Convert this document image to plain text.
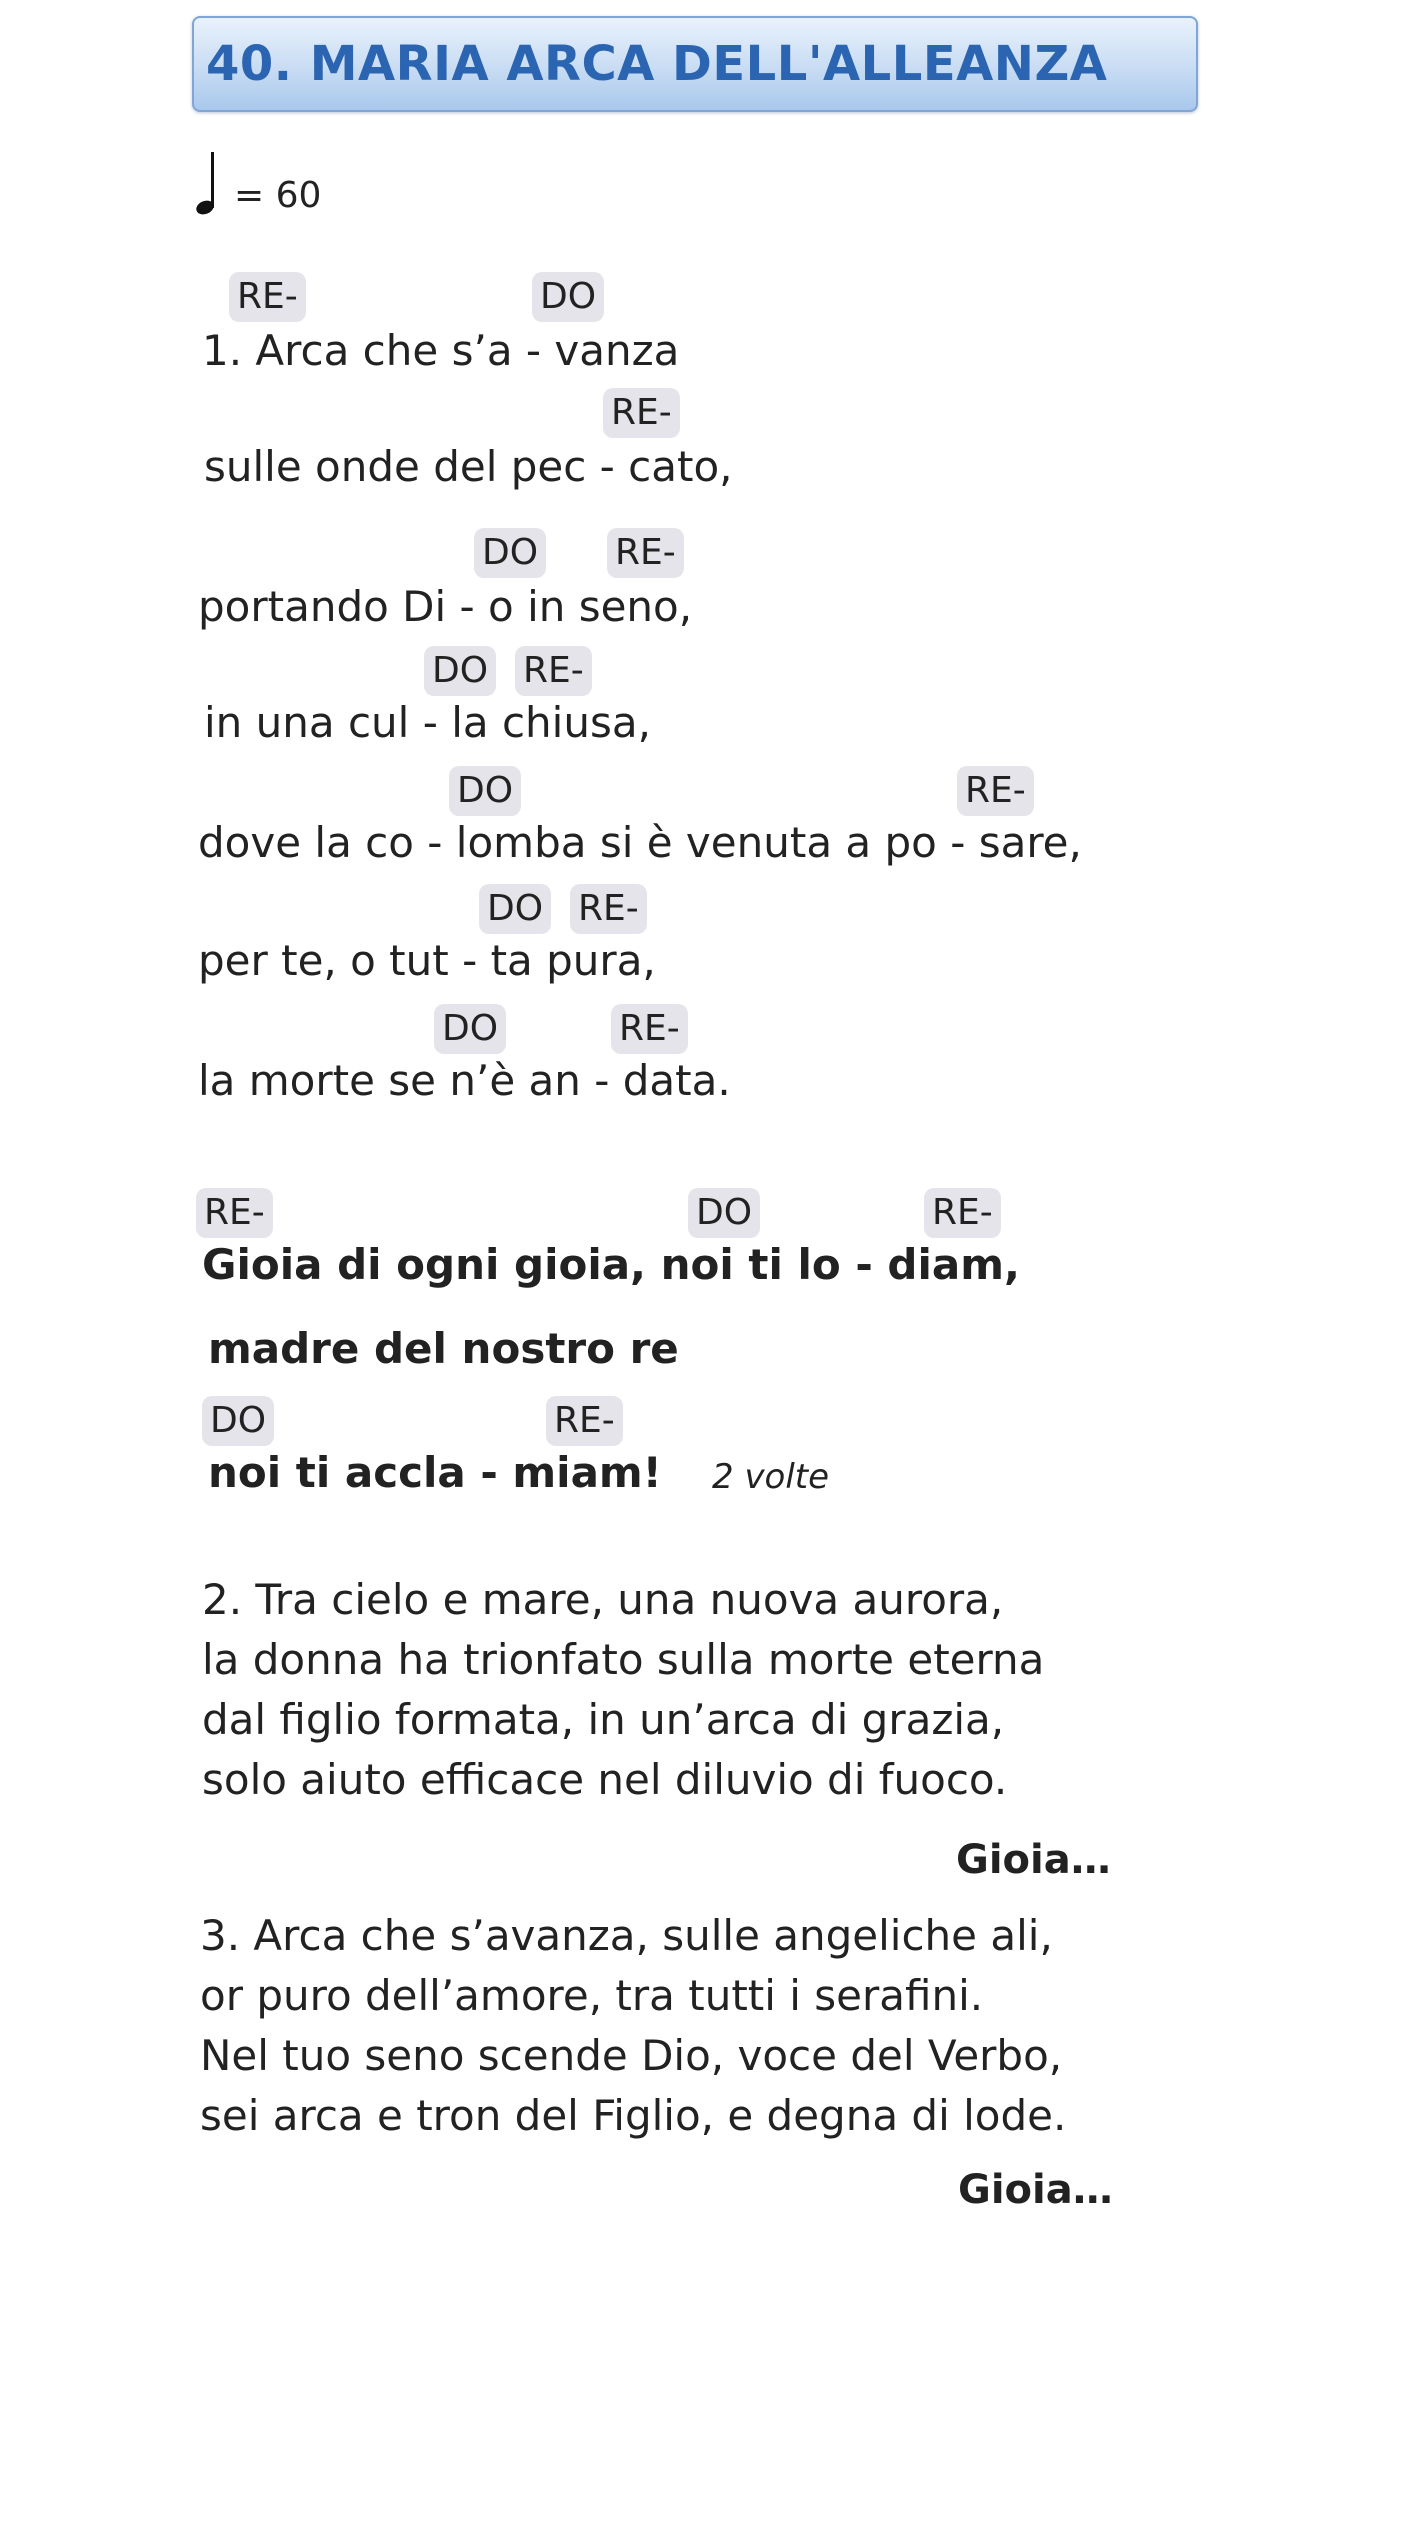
40. MARIA ARCA DELL'ALLEANZA
= 60
RE-	DO
1. Arca che s’a - vanza
RE-
sulle onde del pec - cato,
DO RE-
portando Di - o in seno,
DO RE-
in una cul - la chiusa,
DO	RE-
dove la co - lomba si è venuta a po - sare,
DO RE-
per te, o tut - ta pura,
DO	RE-
la morte se n’è an - data.
RE-	DO	RE-
Gioia di ogni gioia, noi ti lo - diam,
madre del nostro re
DO	RE-
noi ti accla - miam! 2 volte
2. Tra cielo e mare, una nuova aurora,
la donna ha trionfato sulla morte eterna
dal figlio formata, in un’arca di grazia,
solo aiuto efficace nel diluvio di fuoco.
Gioia…
3. Arca che s’avanza, sulle angeliche ali,
or puro dell’amore, tra tutti i serafini.
Nel tuo seno scende Dio, voce del Verbo,
sei arca e tron del Figlio, e degna di lode.
Gioia…
